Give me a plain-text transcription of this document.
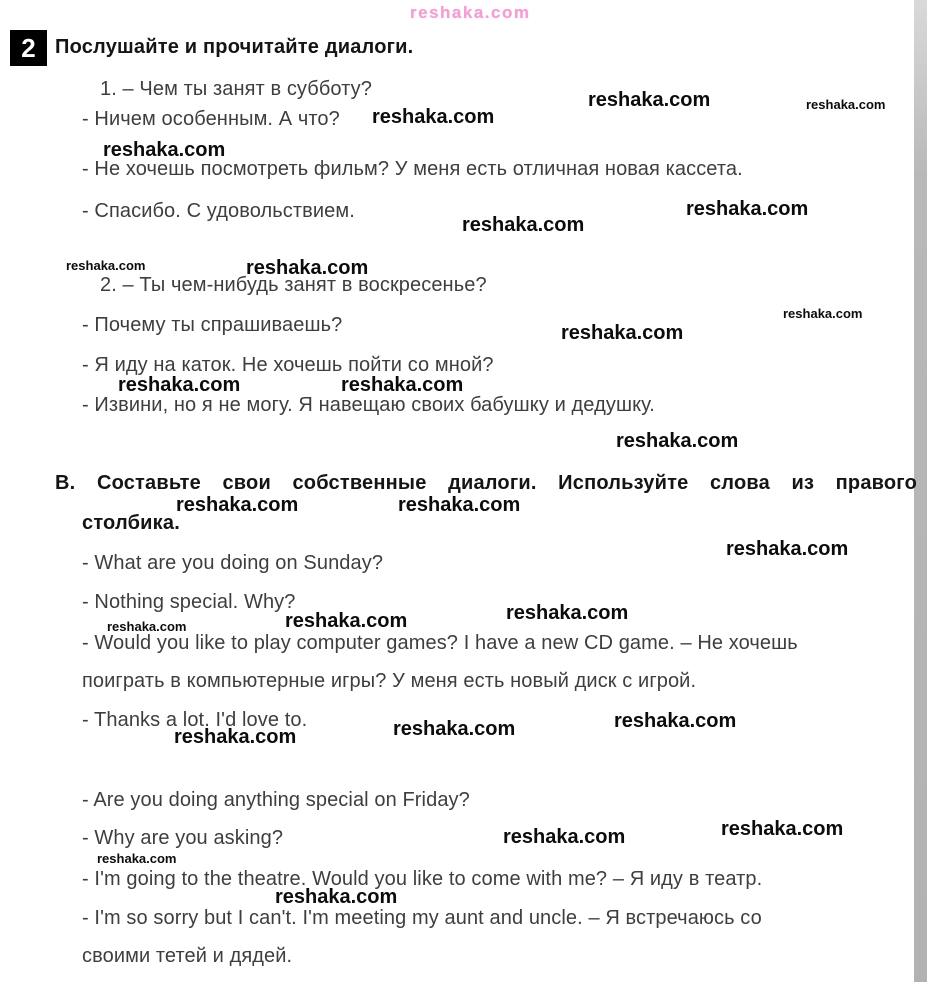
2 Послушайте и прочитайте диалоги.
1. – Чем ты занят в субботу?
- Ничем особенным. А что?
- Не хочешь посмотреть фильм? У меня есть отличная новая кассета.
- Спасибо. С удовольствием.
2. – Ты чем-нибудь занят в воскресенье?
- Почему ты спрашиваешь?
- Я иду на каток. Не хочешь пойти со мной?
- Извини, но я не могу. Я навещаю своих бабушку и дедушку.
В. Составьте свои собственные диалоги. Используйте слова из правого
столбика.
- What are you doing on Sunday?
- Nothing special. Why?
- Would you like to play computer games? I have a new CD game. – Не хочешь
поиграть в компьютерные игры? У меня есть новый диск с игрой.
- Thanks a lot. I'd love to.
- Are you doing anything special on Friday?
- Why are you asking?
- I'm going to the theatre. Would you like to come with me? – Я иду в театр.
- I'm so sorry but I can't. I'm meeting my aunt and uncle. – Я встречаюсь со
своими тетей и дядей.
reshaka.com
reshaka.com	reshaka.com
reshaka.com
reshaka.com
reshaka.com
reshaka.com
reshaka.com	reshaka.com
reshaka.com
reshaka.com
reshaka.com	reshaka.com
reshaka.com
reshaka.com	reshaka.com
reshaka.com
reshaka.com
reshaka.com
reshaka.com
reshaka.com
reshaka.com
reshaka.com
reshaka.com
reshaka.com
reshaka.com
reshaka.com
